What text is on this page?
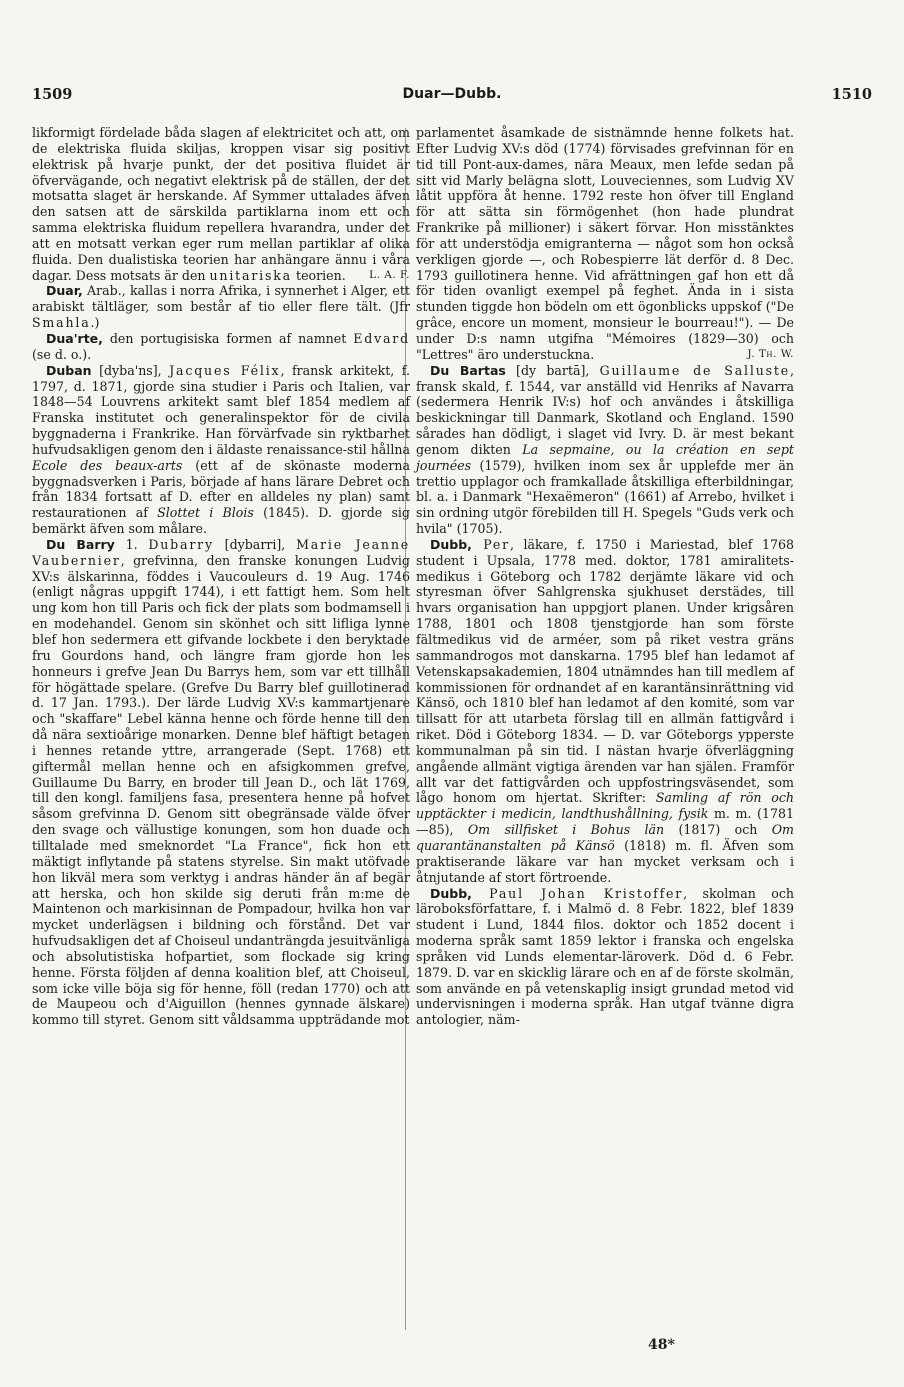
1509	Duar—Dubb.	1510

likformigt fördelade båda slagen af elektricitet och att, om de elektriska fluida skiljas, kroppen visar sig positivt elektrisk på hvarje punkt, der det positiva fluidet är öfvervägande, och negativt elektrisk på de ställen, der det motsatta slaget är herskande. Af Symmer uttalades äfven den satsen att de särskilda partiklarna inom ett och samma elektriska fluidum repellera hvarandra, under det att en motsatt verkan eger rum mellan partiklar af olika fluida. Den dualistiska teorien har anhängare ännu i våra dagar. Dess motsats är den unitariska teorien. L. A. F.

Duar, Arab., kallas i norra Afrika, i synnerhet i Alger, ett arabiskt tältläger, som består af tio eller flere tält. (Jfr Smahla.)

Dua'rte, den portugisiska formen af namnet Edvard (se d. o.).

Duban [dyba'ns], Jacques Félix, fransk arkitekt, f. 1797, d. 1871, gjorde sina studier i Paris och Italien, var 1848—54 Louvrens arkitekt samt blef 1854 medlem af Franska institutet och generalinspektor för de civila byggnaderna i Frankrike. Han förvärfvade sin ryktbarhet hufvudsakligen genom den i äldaste renaissance-stil hållna Ecole des beaux-arts (ett af de skönaste moderna byggnadsverken i Paris, började af hans lärare Debret och från 1834 fortsatt af D. efter en alldeles ny plan) samt restaurationen af Slottet i Blois (1845). D. gjorde sig bemärkt äfven som målare.

Du Barry 1. Dubarry [dybarri], Marie Jeanne Vaubernier, grefvinna, den franske konungen Ludvig XV:s älskarinna, föddes i Vaucouleurs d. 19 Aug. 1746 (enligt någras uppgift 1744), i ett fattigt hem. Som helt ung kom hon till Paris och fick der plats som bodmamsell i en modehandel. Genom sin skönhet och sitt lifliga lynne blef hon sedermera ett gifvande lockbete i den beryktade fru Gourdons hand, och längre fram gjorde hon les honneurs i grefve Jean Du Barrys hem, som var ett tillhåll för högättade spelare. (Grefve Du Barry blef guillotinerad d. 17 Jan. 1793.). Der lärde Ludvig XV:s kammartjenare och "skaffare" Lebel känna henne och förde henne till den då nära sextioårige monarken. Denne blef häftigt betagen i hennes retande yttre, arrangerade (Sept. 1768) ett giftermål mellan henne och en afsigkommen grefve, Guillaume Du Barry, en broder till Jean D., och lät 1769, till den kongl. familjens fasa, presentera henne på hofvet såsom grefvinna D. Genom sitt obegränsade välde öfver den svage och vällustige konungen, som hon duade och tilltalade med smeknordet "La France", fick hon ett mäktigt inflytande på statens styrelse. Sin makt utöfvade hon likväl mera som verktyg i andras händer än af begär att herska, och hon skilde sig deruti från m:me de Maintenon och markisinnan de Pompadour, hvilka hon var mycket underlägsen i bildning och förstånd. Det var hufvudsakligen det af Choiseul undanträngda jesuitvänliga och absolutistiska hofpartiet, som flockade sig kring henne. Första följden af denna koalition blef, att Choiseul, som icke ville böja sig för henne, föll (redan 1770) och att de Maupeou och d'Aiguillon (hennes gynnade älskare) kommo till styret. Genom sitt våldsamma uppträdande mot

parlamentet åsamkade de sistnämnde henne folkets hat. Efter Ludvig XV:s död (1774) förvisades grefvinnan för en tid till Pont-aux-dames, nära Meaux, men lefde sedan på sitt vid Marly belägna slott, Louveciennes, som Ludvig XV låtit uppföra åt henne. 1792 reste hon öfver till England för att sätta sin förmögenhet (hon hade plundrat Frankrike på millioner) i säkert förvar. Hon misstänktes för att understödja emigranterna — något som hon också verkligen gjorde —, och Robespierre lät derför d. 8 Dec. 1793 guillotinera henne. Vid afrättningen gaf hon ett då för tiden ovanligt exempel på feghet. Ända in i sista stunden tiggde hon bödeln om ett ögonblicks uppskof ("De grâce, encore un moment, monsieur le bourreau!"). — De under D:s namn utgifna "Mémoires (1829—30) och "Lettres" äro understuckna.	J. Th. W.

Du Bartas [dy bartā], Guillaume de Salluste, fransk skald, f. 1544, var anställd vid Henriks af Navarra (sedermera Henrik IV:s) hof och användes i åtskilliga beskickningar till Danmark, Skotland och England. 1590 sårades han dödligt, i slaget vid Ivry. D. är mest bekant genom dikten La sepmaine, ou la création en sept journées (1579), hvilken inom sex år upplefde mer än trettio upplagor och framkallade åtskilliga efterbildningar, bl. a. i Danmark "Hexaëmeron" (1661) af Arrebo, hvilket i sin ordning utgör förebilden till H. Spegels "Guds verk och hvila" (1705).

Dubb, Per, läkare, f. 1750 i Mariestad, blef 1768 student i Upsala, 1778 med. doktor, 1781 amiralitets-medikus i Göteborg och 1782 derjämte läkare vid och styresman öfver Sahlgrenska sjukhuset derstädes, till hvars organisation han uppgjort planen. Under krigsåren 1788, 1801 och 1808 tjenstgjorde han som förste fältmedikus vid de arméer, som på riket vestra gräns sammandrogos mot danskarna. 1795 blef han ledamot af Vetenskapsakademien, 1804 utnämndes han till medlem af kommissionen för ordnandet af en karantänsinrättning vid Känsö, och 1810 blef han ledamot af den komité, som var tillsatt för att utarbeta förslag till en allmän fattigvård i riket. Död i Göteborg 1834. — D. var Göteborgs ypperste kommunalman på sin tid. I nästan hvarje öfverläggning angående allmänt vigtiga ärenden var han själen. Framför allt var det fattigvården och uppfostringsväsendet, som lågo honom om hjertat. Skrifter: Samling af rön och upptäckter i medicin, landthushållning, fysik m. m. (1781—85), Om sillfisket i Bohus län (1817) och Om quarantänanstalten på Känsö (1818) m. fl. Äfven som praktiserande läkare var han mycket verksam och i åtnjutande af stort förtroende.

Dubb, Paul Johan Kristoffer, skolman och läroboksförfattare, f. i Malmö d. 8 Febr. 1822, blef 1839 student i Lund, 1844 filos. doktor och 1852 docent i moderna språk samt 1859 lektor i franska och engelska språken vid Lunds elementar-läroverk. Död d. 6 Febr. 1879. D. var en skicklig lärare och en af de förste skolmän, som använde en på vetenskaplig insigt grundad metod vid undervisningen i moderna språk. Han utgaf tvänne digra antologier, näm-

48*
